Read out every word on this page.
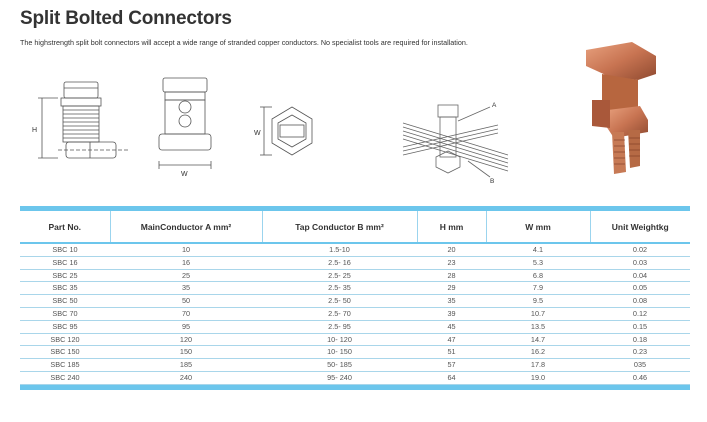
Split Bolted Connectors
The highstrength split bolt connectors will accept a wide range of stranded copper conductors. No specialist tools are required for installation.
H
W
W
A
B
Part No.	MainConductor A mm²	Tap Conductor B mm²	H mm	W mm	Unit Weightkg
SBC 10	10	1.5-10	20	4.1	0.02
SBC 16	16	2.5- 16	23	5.3	0.03
SBC 25	25	2.5- 25	28	6.8	0.04
SBC 35	35	2.5- 35	29	7.9	0.05
SBC 50	50	2.5- 50	35	9.5	0.08
SBC 70	70	2.5- 70	39	10.7	0.12
SBC 95	95	2.5- 95	45	13.5	0.15
SBC 120	120	10- 120	47	14.7	0.18
SBC 150	150	10- 150	51	16.2	0.23
SBC 185	185	50- 185	57	17.8	035
SBC 240	240	95- 240	64	19.0	0.46
